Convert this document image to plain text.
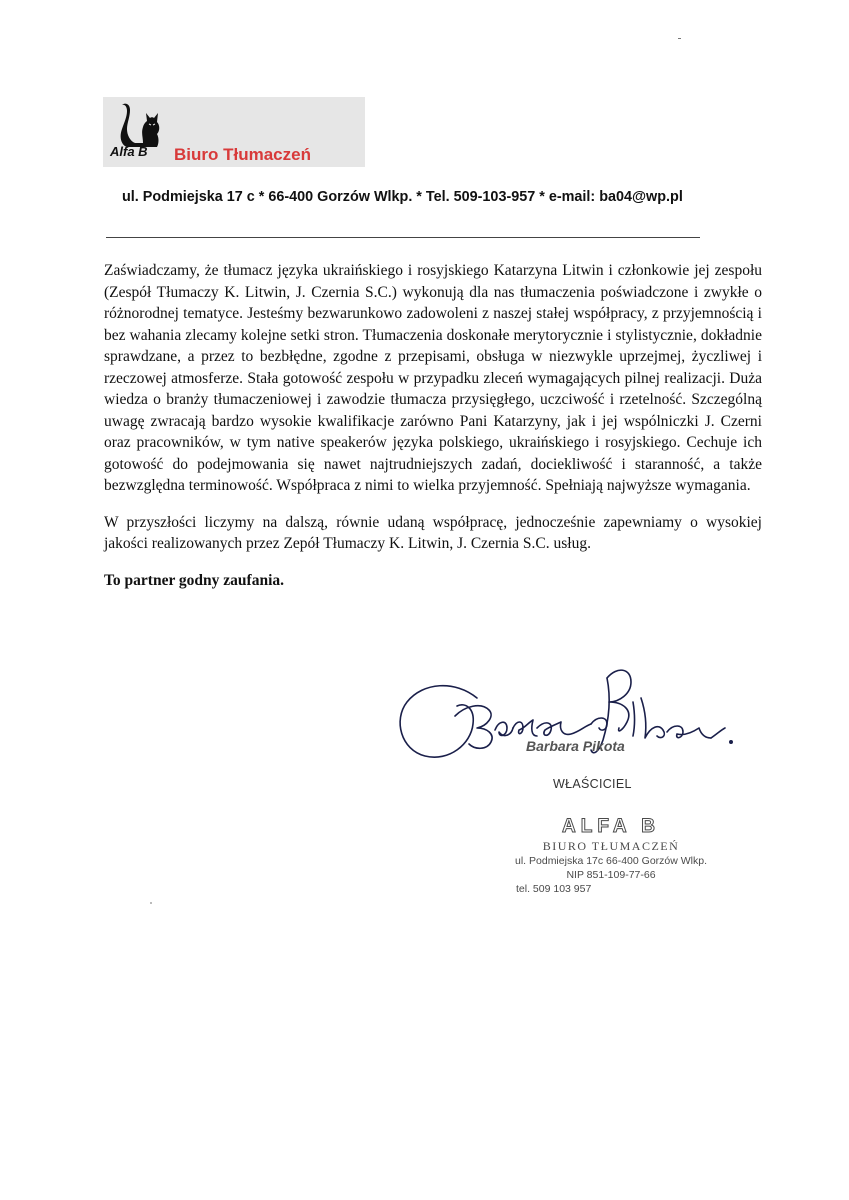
Alfa B Biuro Tłumaczeń
ul. Podmiejska 17 c * 66-400 Gorzów Wlkp. * Tel. 509-103-957 * e-mail: ba04@wp.pl

Zaświadczamy, że tłumacz języka ukraińskiego i rosyjskiego Katarzyna Litwin i członkowie jej zespołu (Zespół Tłumaczy K. Litwin, J. Czernia S.C.) wykonują dla nas tłumaczenia poświadczone i zwykłe o różnorodnej tematyce. Jesteśmy bezwarunkowo zadowoleni z naszej stałej współpracy, z przyjemnością i bez wahania zlecamy kolejne setki stron. Tłumaczenia doskonałe merytorycznie i stylistycznie, dokładnie sprawdzane, a przez to bezbłędne, zgodne z przepisami, obsługa w niezwykle uprzejmej, życzliwej i rzeczowej atmosferze. Stała gotowość zespołu w przypadku zleceń wymagających pilnej realizacji. Duża wiedza o branży tłumaczeniowej i zawodzie tłumacza przysięgłego, uczciwość i rzetelność. Szczególną uwagę zwracają bardzo wysokie kwalifikacje zarówno Pani Katarzyny, jak i jej wspólniczki J. Czerni oraz pracowników, w tym native speakerów języka polskiego, ukraińskiego i rosyjskiego. Cechuje ich gotowość do podejmowania się nawet najtrudniejszych zadań, dociekliwość i staranność, a także bezwzględna terminowość. Współpraca z nimi to wielka przyjemność. Spełniają najwyższe wymagania.

W przyszłości liczymy na dalszą, równie udaną współpracę, jednocześnie zapewniamy o wysokiej jakości realizowanych przez Zepół Tłumaczy K. Litwin, J. Czernia S.C. usług.

To partner godny zaufania.

Barbara Pikota
WŁAŚCICIEL
ALFA B
BIURO TŁUMACZEŃ
ul. Podmiejska 17c 66-400 Gorzów Wlkp.
NIP 851-109-77-66
tel. 509 103 957
